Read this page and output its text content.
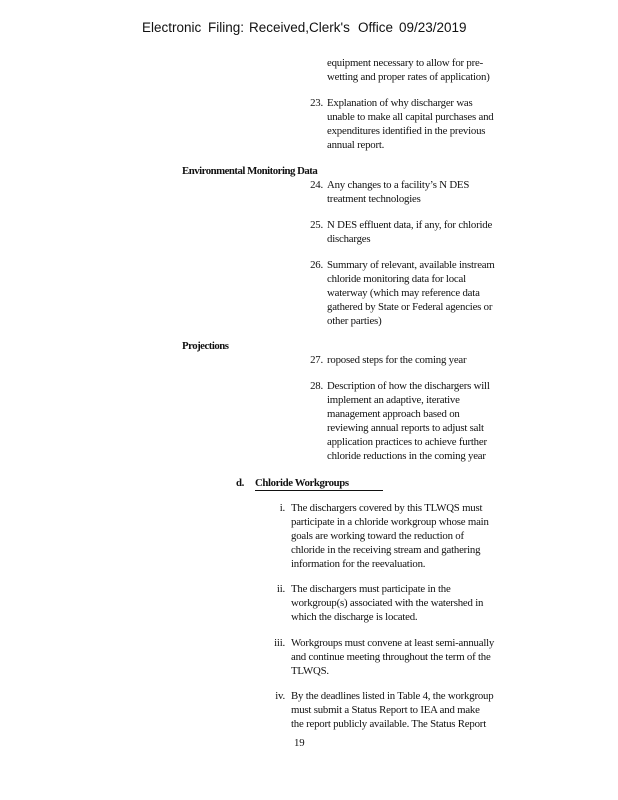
Electronic Filing: Received,Clerk's Office 09/23/2019
equipment necessary to allow for pre-
wetting and proper rates of application)
23. Explanation of why discharger was
unable to make all capital purchases and
expenditures identified in the previous
annual report.
Environmental Monitoring Data
24. Any changes to a facility’s N DES
treatment technologies
25. N DES effluent data, if any, for chloride
discharges
26. Summary of relevant, available instream
chloride monitoring data for local
waterway (which may reference data
gathered by State or Federal agencies or
other parties)
Projections
27. roposed steps for the coming year
28. Description of how the dischargers will
implement an adaptive, iterative
management approach based on
reviewing annual reports to adjust salt
application practices to achieve further
chloride reductions in the coming year
d. Chloride Workgroups
i. The dischargers covered by this TLWQS must
participate in a chloride workgroup whose main
goals are working toward the reduction of
chloride in the receiving stream and gathering
information for the reevaluation.
ii. The dischargers must participate in the
workgroup(s) associated with the watershed in
which the discharge is located.
iii. Workgroups must convene at least semi-annually
and continue meeting throughout the term of the
TLWQS.
iv. By the deadlines listed in Table 4, the workgroup
must submit a Status Report to IEA and make
the report publicly available. The Status Report
19
